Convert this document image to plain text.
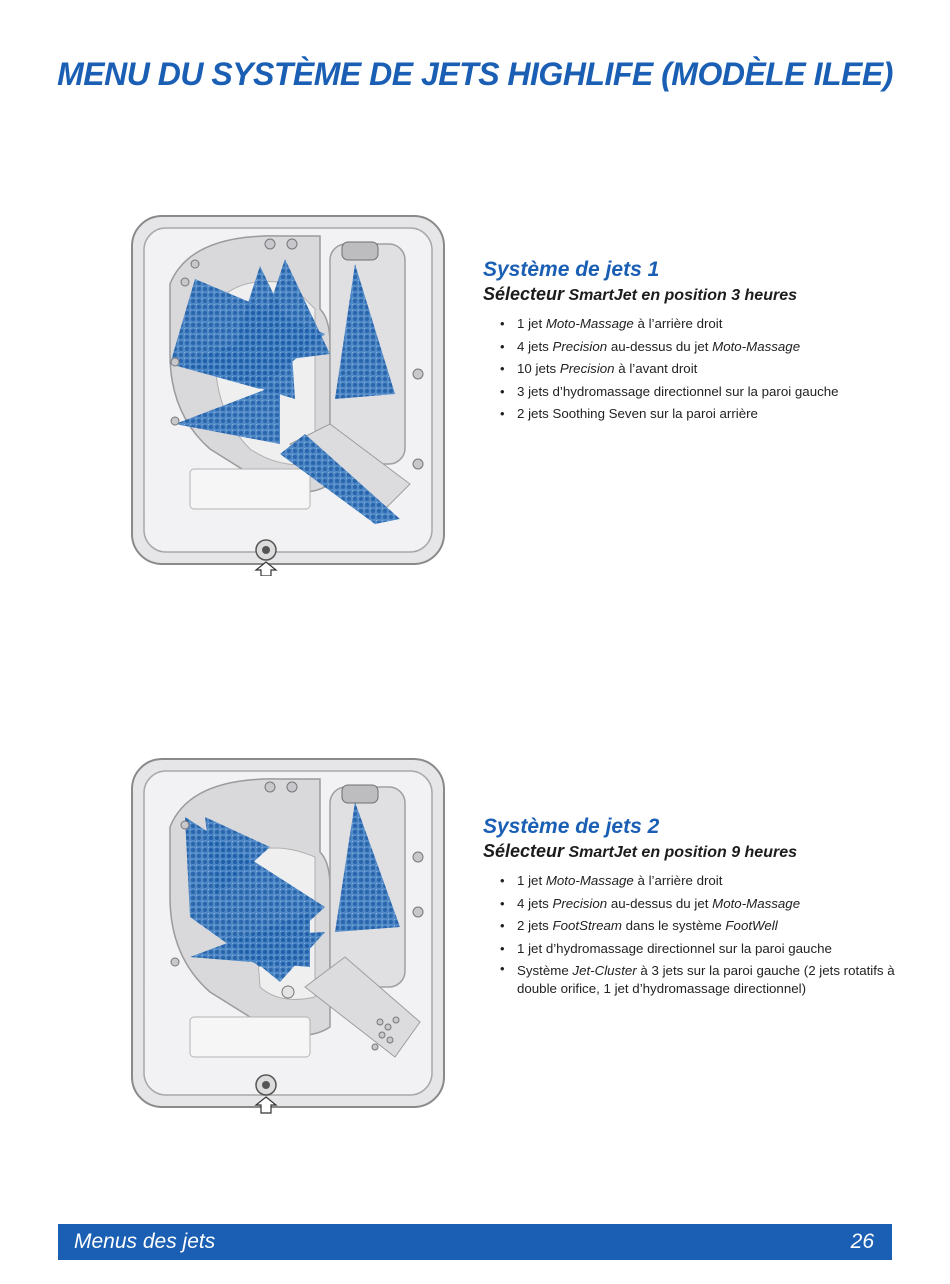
MENU DU SYSTÈME DE JETS HIGHLIFE (MODÈLE ILEE)
Système de jets 1
Sélecteur SmartJet en position 3 heures
• 1 jet Moto-Massage à l’arrière droit
• 4 jets Precision au-dessus du jet Moto-Massage
• 10 jets Precision à l’avant droit
• 3 jets d’hydromassage directionnel sur la paroi gauche
• 2 jets Soothing Seven sur la paroi arrière
Système de jets 2
Sélecteur SmartJet en position 9 heures
• 1 jet Moto-Massage à l’arrière droit
• 4 jets Precision au-dessus du jet Moto-Massage
• 2 jets FootStream dans le système FootWell
• 1 jet d’hydromassage directionnel sur la paroi gauche
• Système Jet-Cluster à 3 jets sur la paroi gauche (2 jets rotatifs à double orifice, 1 jet d’hydromassage directionnel)
Menus des jets	26
